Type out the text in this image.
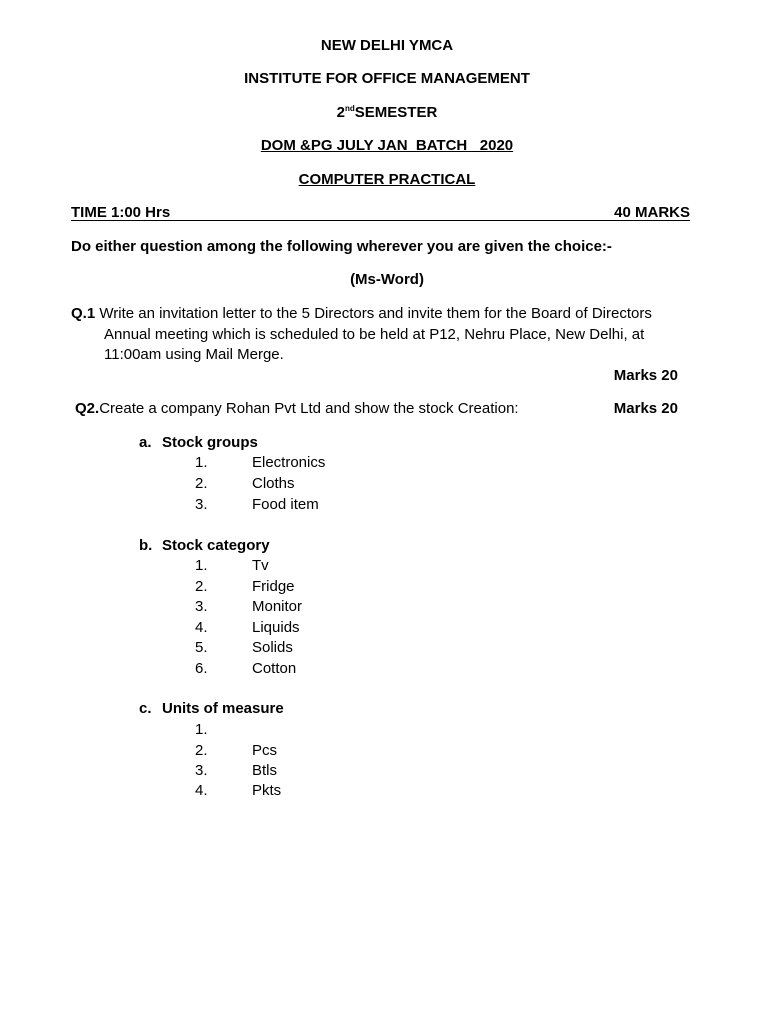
NEW DELHI YMCA
INSTITUTE FOR OFFICE MANAGEMENT
2ndSEMESTER
DOM &PG JULY JAN  BATCH   2020
COMPUTER PRACTICAL
TIME 1:00 Hrs	40 MARKS
Do either question among the following wherever you are given the choice:-
(Ms-Word)
Q.1 Write an invitation letter to the 5 Directors and invite them for the Board of Directors
Annual meeting which is scheduled to be held at P12, Nehru Place, New Delhi, at
11:00am using Mail Merge.
Marks 20
Q2.Create a company Rohan Pvt Ltd and show the stock Creation:	Marks 20
a. Stock groups
1.	Electronics
2.	Cloths
3.	Food item
b. Stock category
1.	Tv
2.	Fridge
3.	Monitor
4.	Liquids
5.	Solids
6.	Cotton
c. Units of measure
1.
2.	Pcs
3.	Btls
4.	Pkts
